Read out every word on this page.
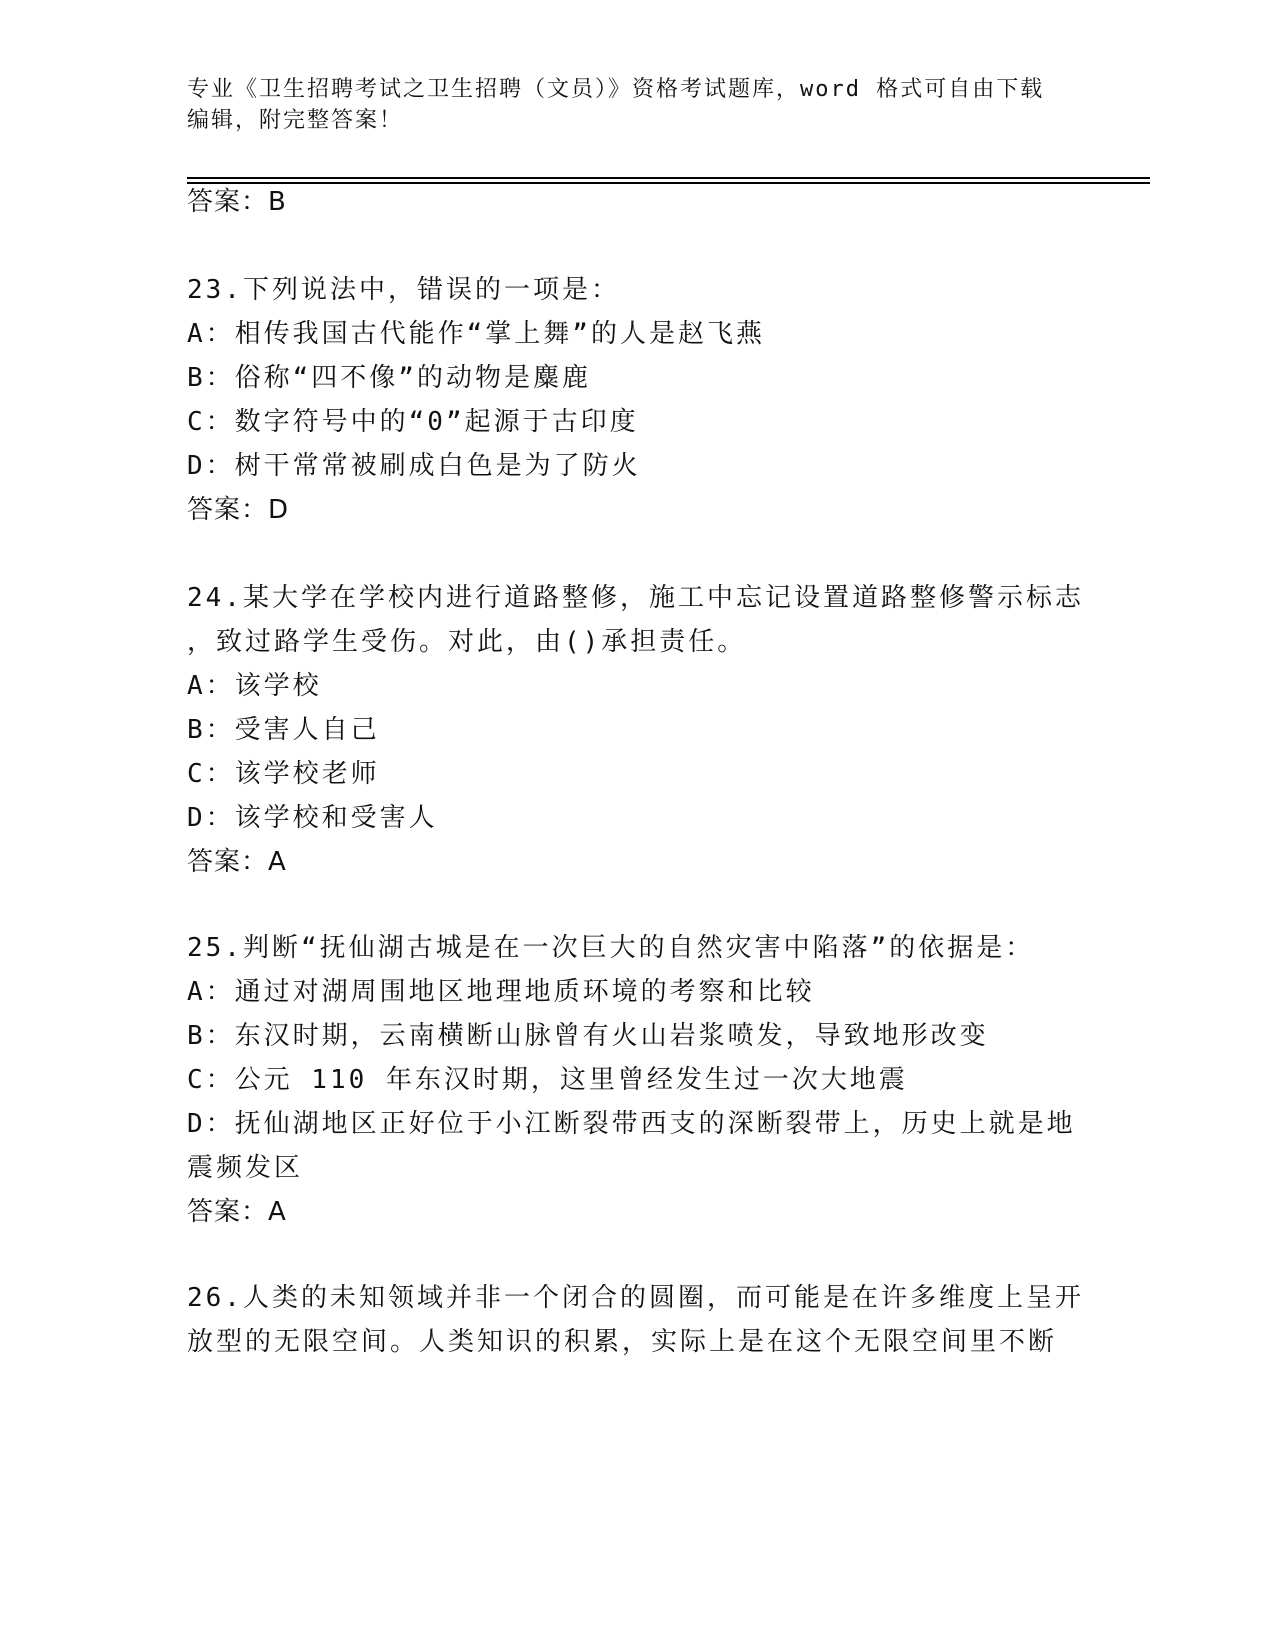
专业《卫生招聘考试之卫生招聘（文员）》资格考试题库，word 格式可自由下载
编辑，附完整答案！
答案：B
23.下列说法中，错误的一项是：
A：相传我国古代能作“掌上舞”的人是赵飞燕
B：俗称“四不像”的动物是麋鹿
C：数字符号中的“0”起源于古印度
D：树干常常被刷成白色是为了防火
答案：D
24.某大学在学校内进行道路整修，施工中忘记设置道路整修警示标志
，致过路学生受伤。对此，由()承担责任。
A：该学校
B：受害人自己
C：该学校老师
D：该学校和受害人
答案：A
25.判断“抚仙湖古城是在一次巨大的自然灾害中陷落”的依据是：
A：通过对湖周围地区地理地质环境的考察和比较
B：东汉时期，云南横断山脉曾有火山岩浆喷发，导致地形改变
C：公元 110 年东汉时期，这里曾经发生过一次大地震
D：抚仙湖地区正好位于小江断裂带西支的深断裂带上，历史上就是地
震频发区
答案：A
26.人类的未知领域并非一个闭合的圆圈，而可能是在许多维度上呈开
放型的无限空间。人类知识的积累，实际上是在这个无限空间里不断
